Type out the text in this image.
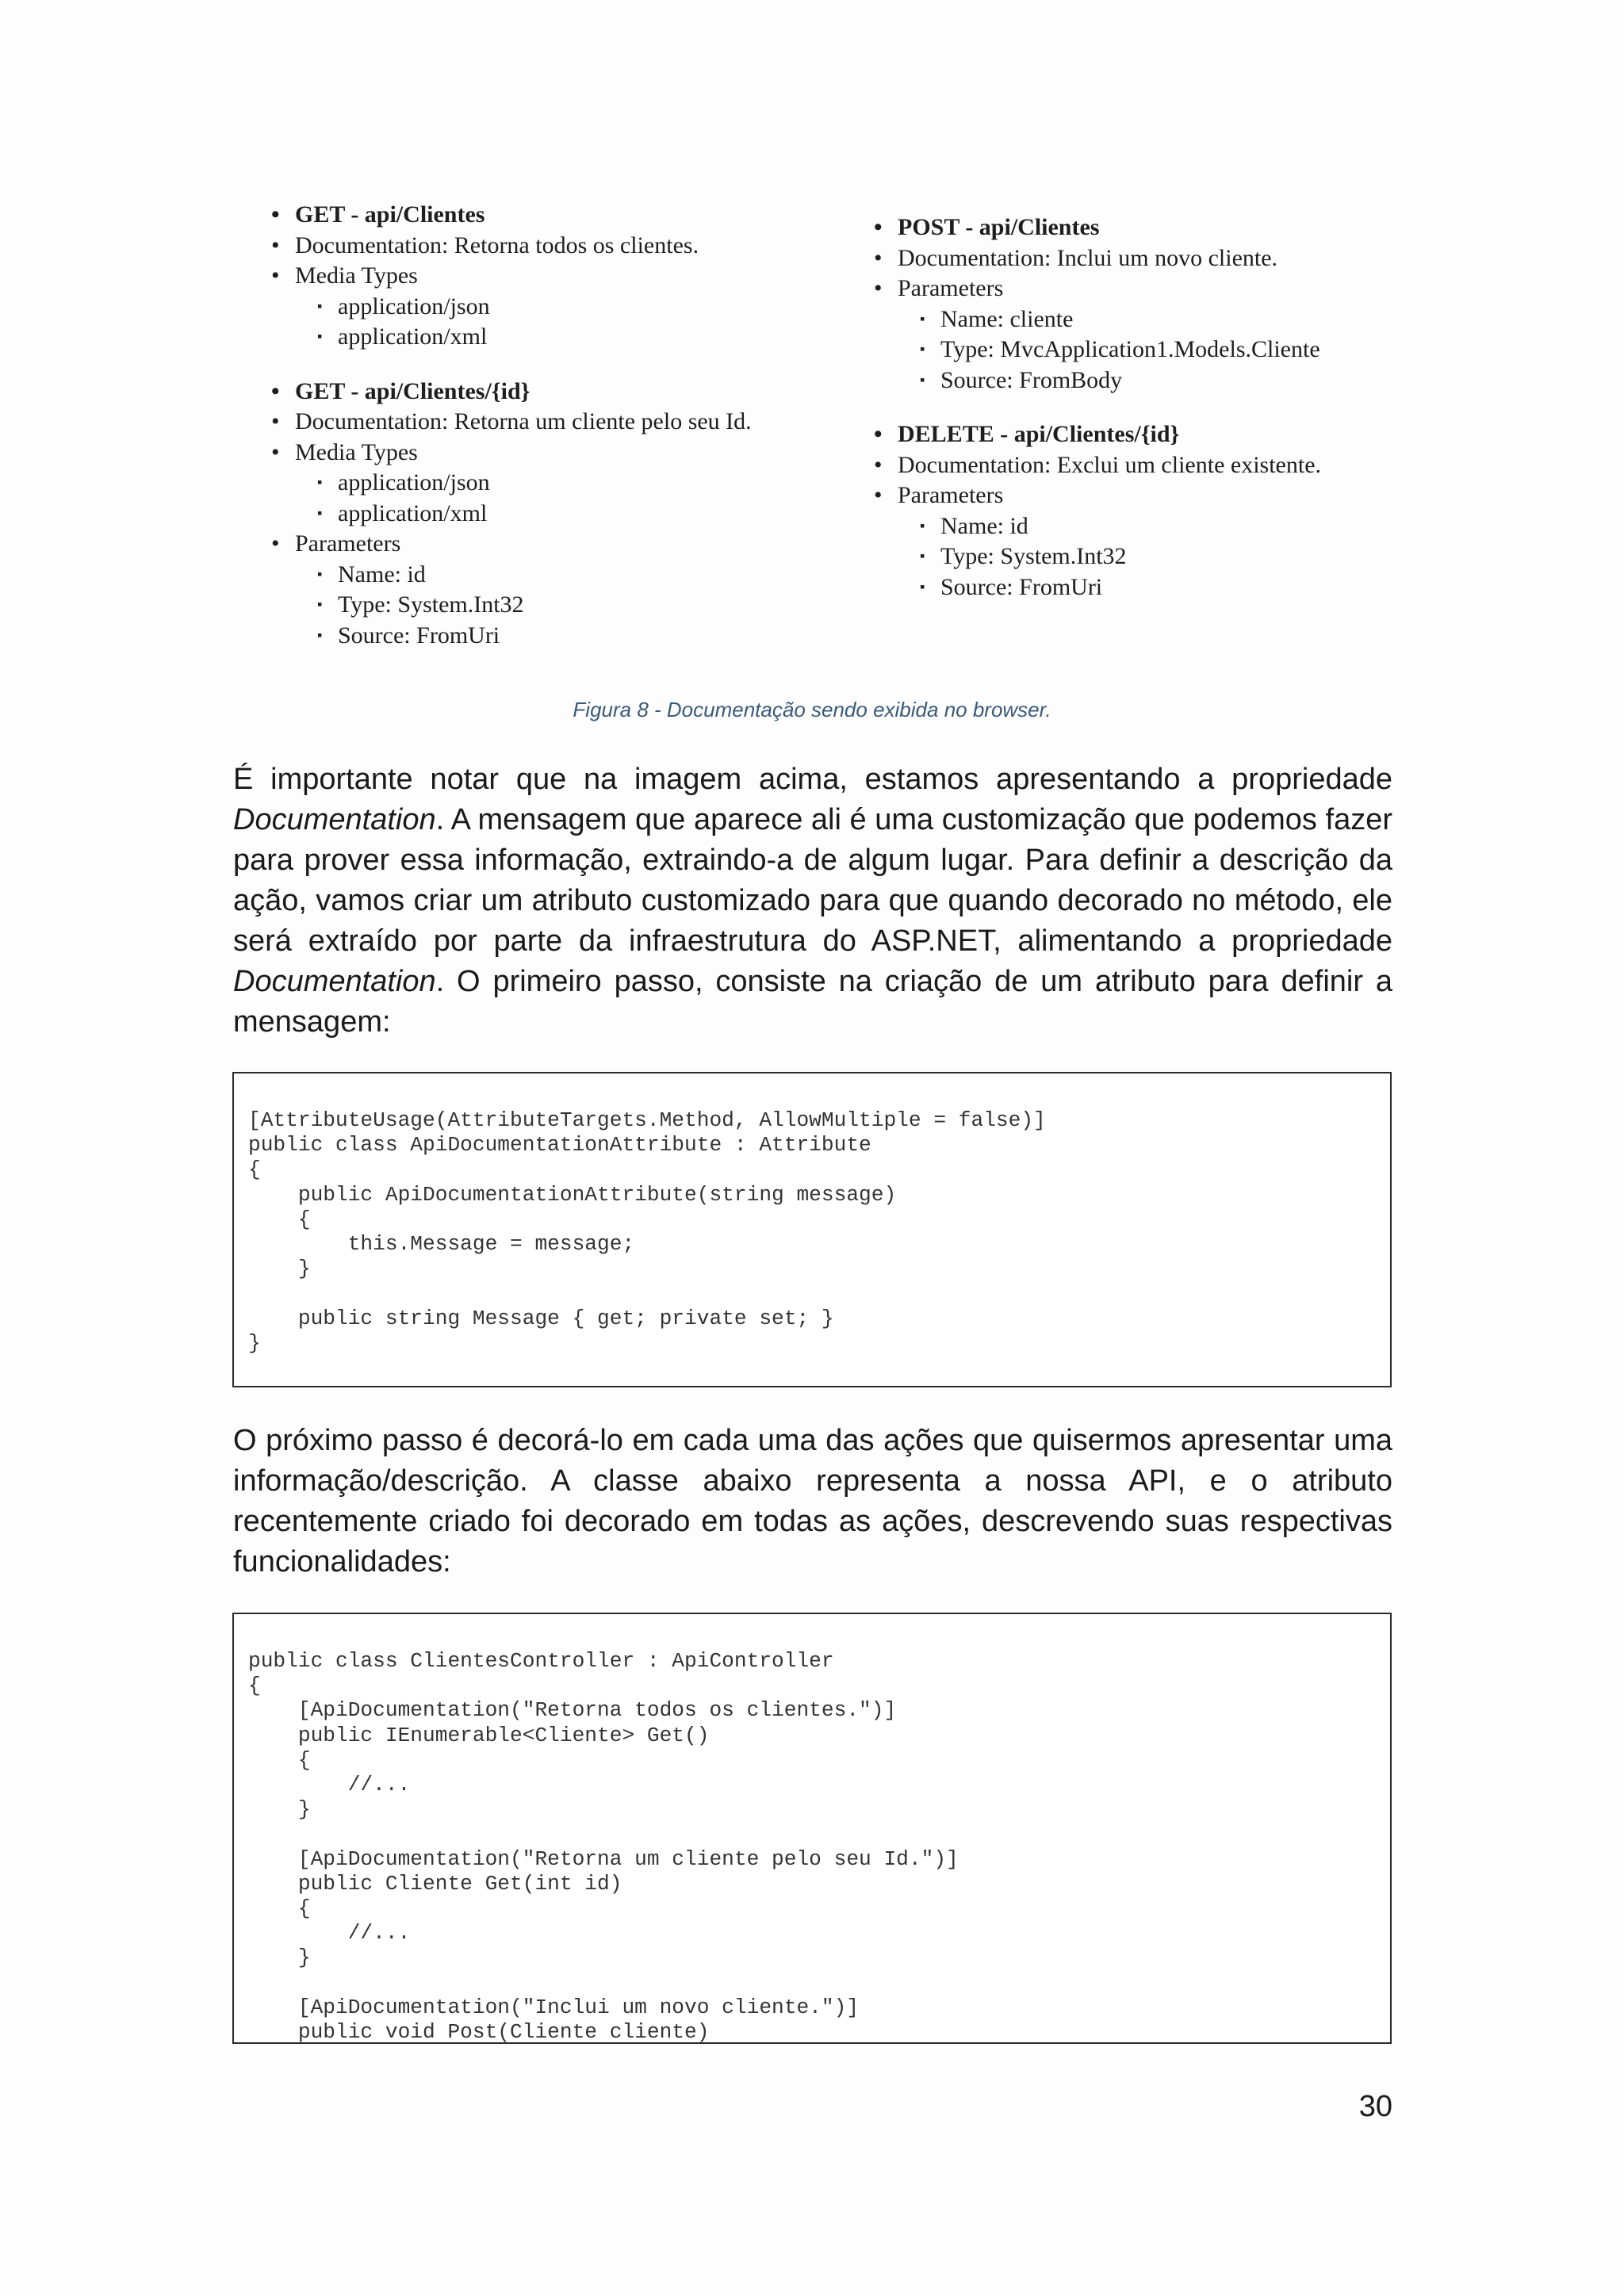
• GET - api/Clientes
• Documentation: Retorna todos os clientes.
• Media Types
▪ application/json
▪ application/xml
• GET - api/Clientes/{id}
• Documentation: Retorna um cliente pelo seu Id.
• Media Types
▪ application/json
▪ application/xml
• Parameters
▪ Name: id
▪ Type: System.Int32
▪ Source: FromUri
• POST - api/Clientes
• Documentation: Inclui um novo cliente.
• Parameters
▪ Name: cliente
▪ Type: MvcApplication1.Models.Cliente
▪ Source: FromBody
• DELETE - api/Clientes/{id}
• Documentation: Exclui um cliente existente.
• Parameters
▪ Name: id
▪ Type: System.Int32
▪ Source: FromUri
Figura 8 - Documentação sendo exibida no browser.
É importante notar que na imagem acima, estamos apresentando a propriedade Documentation. A mensagem que aparece ali é uma customização que podemos fazer para prover essa informação, extraindo-a de algum lugar. Para definir a descrição da ação, vamos criar um atributo customizado para que quando decorado no método, ele será extraído por parte da infraestrutura do ASP.NET, alimentando a propriedade Documentation. O primeiro passo, consiste na criação de um atributo para definir a mensagem:
[AttributeUsage(AttributeTargets.Method, AllowMultiple = false)]
public class ApiDocumentationAttribute : Attribute
{
public ApiDocumentationAttribute(string message)
{
this.Message = message;
}

public string Message { get; private set; }
}
O próximo passo é decorá-lo em cada uma das ações que quisermos apresentar uma informação/descrição. A classe abaixo representa a nossa API, e o atributo recentemente criado foi decorado em todas as ações, descrevendo suas respectivas funcionalidades:
public class ClientesController : ApiController
{
[ApiDocumentation("Retorna todos os clientes.")]
public IEnumerable<Cliente> Get()
{
//...
}

[ApiDocumentation("Retorna um cliente pelo seu Id.")]
public Cliente Get(int id)
{
//...
}

[ApiDocumentation("Inclui um novo cliente.")]
public void Post(Cliente cliente)
30
